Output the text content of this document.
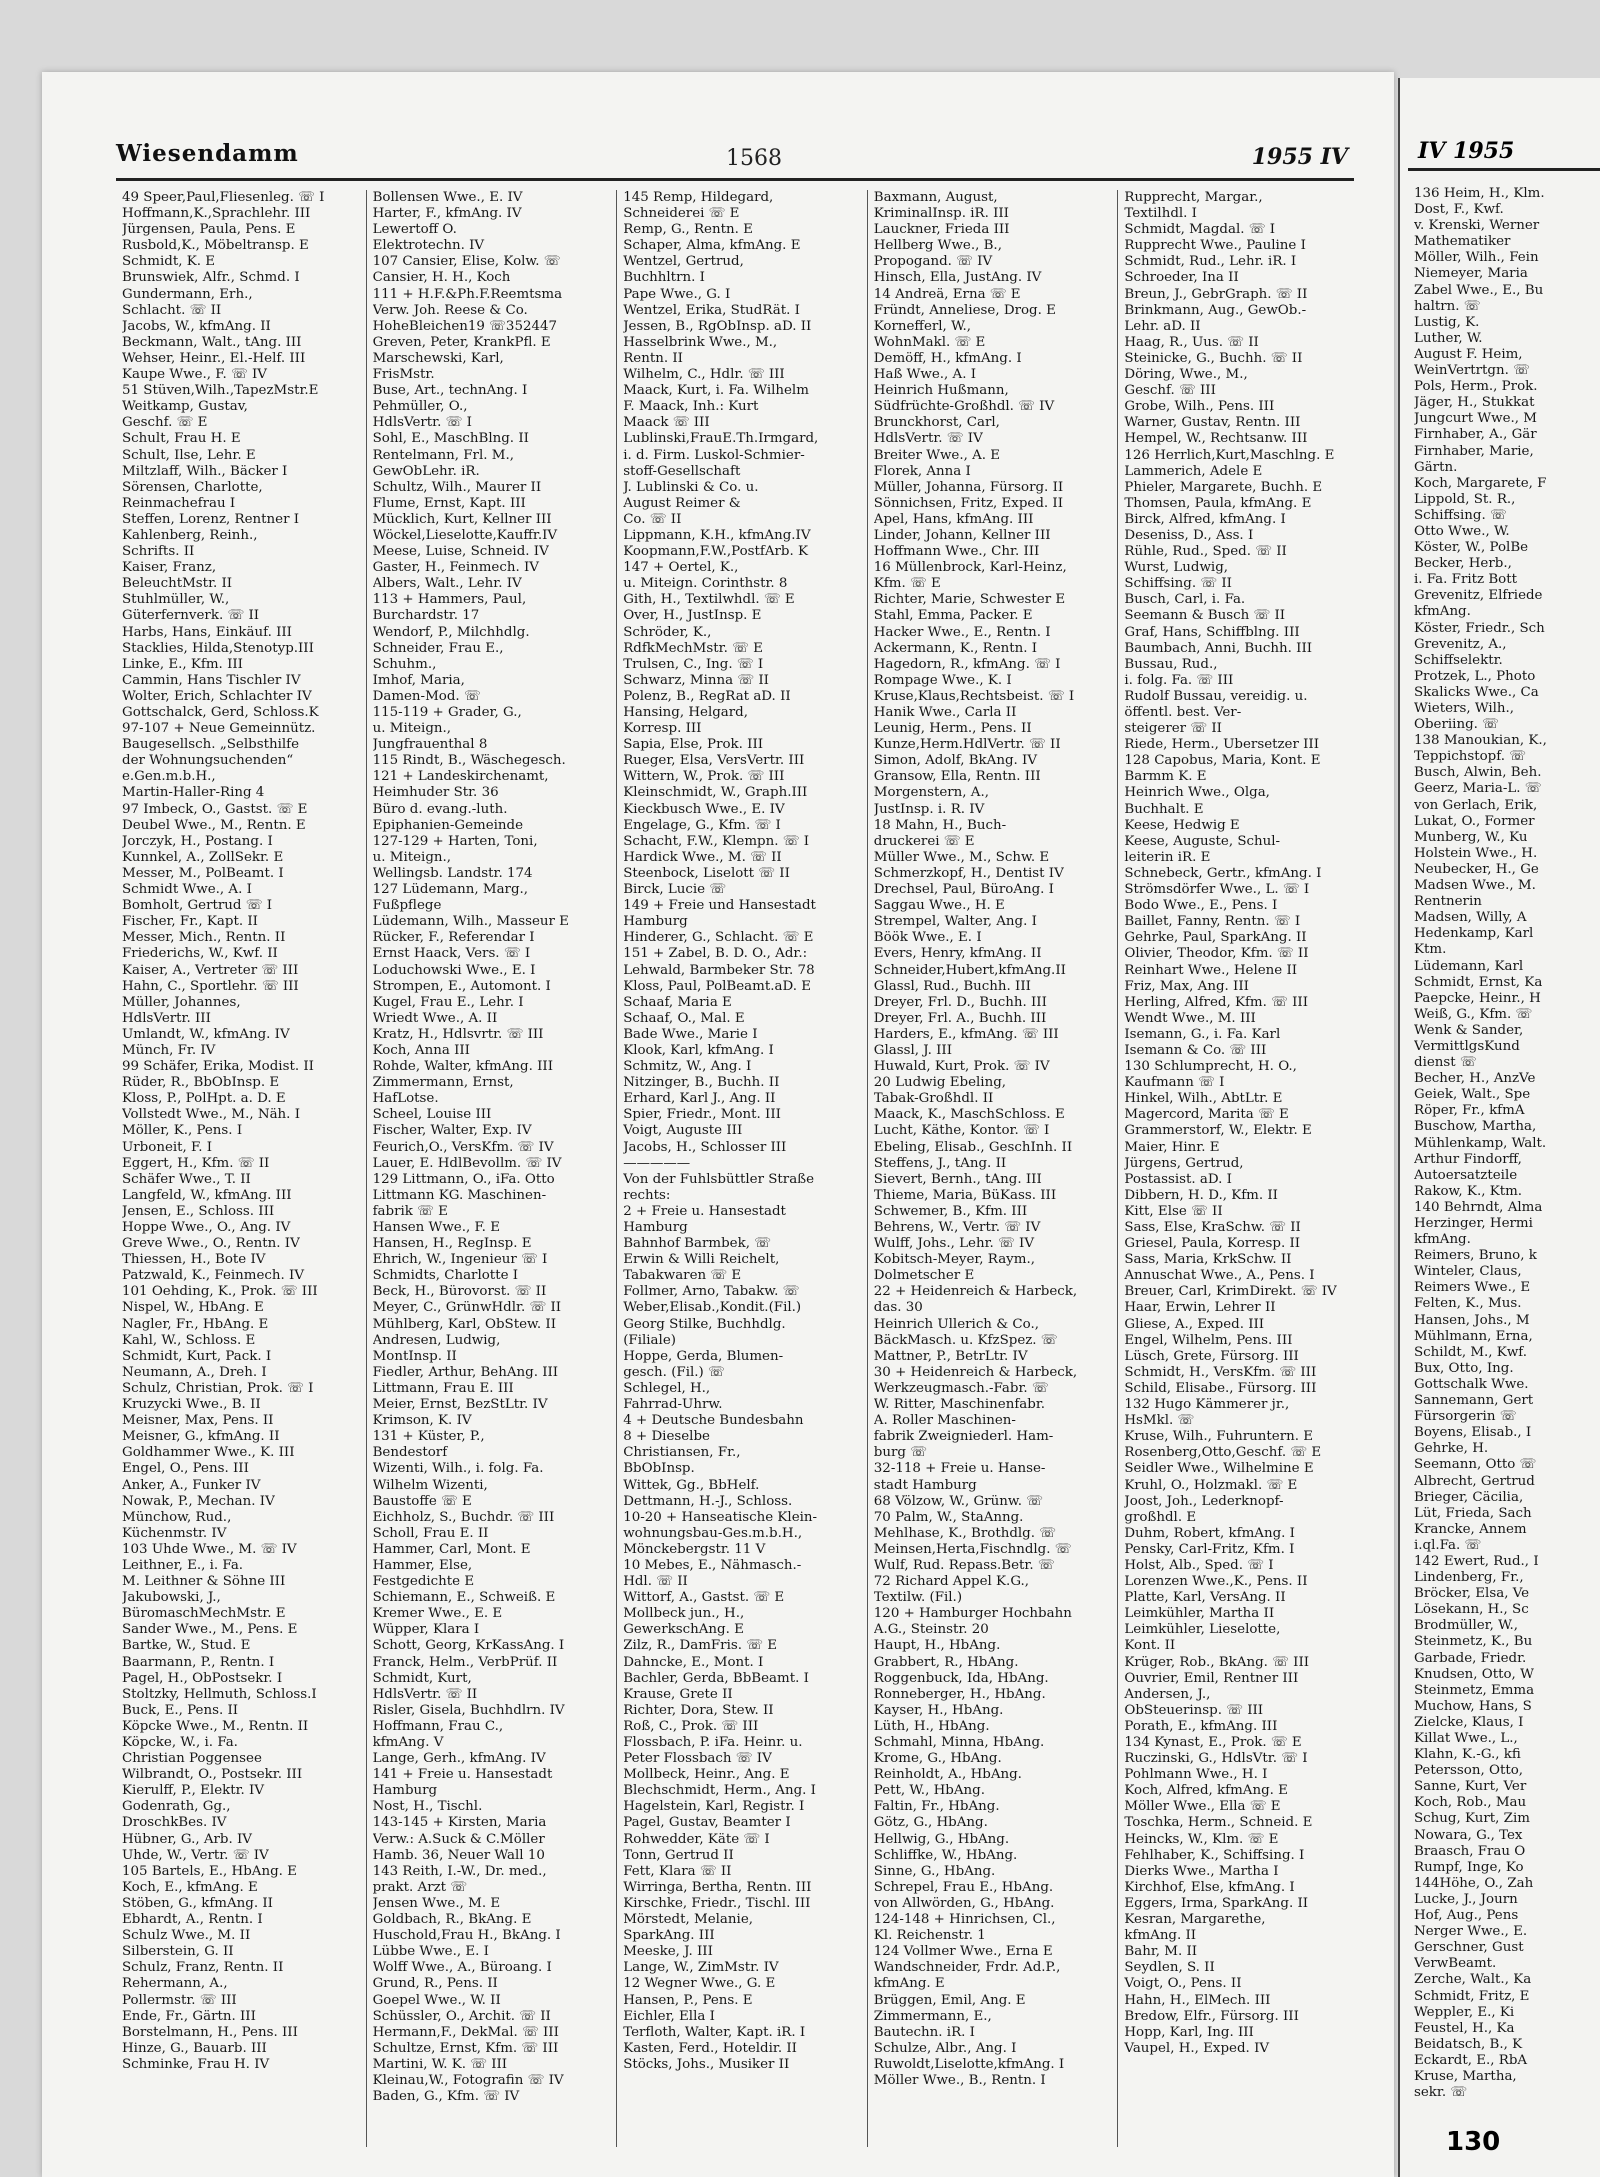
Wiesendamm	1568	1955 IV
49 Speer,Paul,Fliesenleg. ☏ I
Hoffmann,K.,Sprachlehr. III
Jürgensen, Paula, Pens. E
Rusbold,K., Möbeltransp. E
Schmidt, K. E
Brunswiek, Alfr., Schmd. I
Gundermann, Erh.,
Schlacht. ☏ II
Jacobs, W., kfmAng. II
Beckmann, Walt., tAng. III
Wehser, Heinr., El.-Helf. III
Kaupe Wwe., F. ☏ IV
51 Stüven,Wilh.,TapezMstr.E
Weitkamp, Gustav,
Geschf. ☏ E
Schult, Frau H. E
Schult, Ilse, Lehr. E
Miltzlaff, Wilh., Bäcker I
Sörensen, Charlotte,
Reinmachefrau I
Steffen, Lorenz, Rentner I
Kahlenberg, Reinh.,
Schrifts. II
Kaiser, Franz,
BeleuchtMstr. II
Stuhlmüller, W.,
Güterfernverk. ☏ II
Harbs, Hans, Einkäuf. III
Stacklies, Hilda,Stenotyp.III
Linke, E., Kfm. III
Cammin, Hans Tischler IV
Wolter, Erich, Schlachter IV
Gottschalck, Gerd, Schloss.K
97-107 + Neue Gemeinnütz.
Baugesellsch. „Selbsthilfe
der Wohnungsuchenden“
e.Gen.m.b.H.,
Martin-Haller-Ring 4
97 Imbeck, O., Gastst. ☏ E
Deubel Wwe., M., Rentn. E
Jorczyk, H., Postang. I
Kunnkel, A., ZollSekr. E
Messer, M., PolBeamt. I
Schmidt Wwe., A. I
Bomholt, Gertrud ☏ I
Fischer, Fr., Kapt. II
Messer, Mich., Rentn. II
Friederichs, W., Kwf. II
Kaiser, A., Vertreter ☏ III
Hahn, C., Sportlehr. ☏ III
Müller, Johannes,
HdlsVertr. III
Umlandt, W., kfmAng. IV
Münch, Fr. IV
99 Schäfer, Erika, Modist. II
Rüder, R., BbObInsp. E
Kloss, P., PolHpt. a. D. E
Vollstedt Wwe., M., Näh. I
Möller, K., Pens. I
Urboneit, F. I
Eggert, H., Kfm. ☏ II
Schäfer Wwe., T. II
Langfeld, W., kfmAng. III
Jensen, E., Schloss. III
Hoppe Wwe., O., Ang. IV
Greve Wwe., O., Rentn. IV
Thiessen, H., Bote IV
Patzwald, K., Feinmech. IV
101 Oehding, K., Prok. ☏ III
Nispel, W., HbAng. E
Nagler, Fr., HbAng. E
Kahl, W., Schloss. E
Schmidt, Kurt, Pack. I
Neumann, A., Dreh. I
Schulz, Christian, Prok. ☏ I
Kruzycki Wwe., B. II
Meisner, Max, Pens. II
Meisner, G., kfmAng. II
Goldhammer Wwe., K. III
Engel, O., Pens. III
Anker, A., Funker IV
Nowak, P., Mechan. IV
Münchow, Rud.,
Küchenmstr. IV
103 Uhde Wwe., M. ☏ IV
Leithner, E., i. Fa.
M. Leithner & Söhne III
Jakubowski, J.,
BüromaschMechMstr. E
Sander Wwe., M., Pens. E
Bartke, W., Stud. E
Baarmann, P., Rentn. I
Pagel, H., ObPostsekr. I
Stoltzky, Hellmuth, Schloss.I
Buck, E., Pens. II
Köpcke Wwe., M., Rentn. II
Köpcke, W., i. Fa.
Christian Poggensee
Wilbrandt, O., Postsekr. III
Kierulff, P., Elektr. IV
Godenrath, Gg.,
DroschkBes. IV
Hübner, G., Arb. IV
Uhde, W., Vertr. ☏ IV
105 Bartels, E., HbAng. E
Koch, E., kfmAng. E
Stöben, G., kfmAng. II
Ebhardt, A., Rentn. I
Schulz Wwe., M. II
Silberstein, G. II
Schulz, Franz, Rentn. II
Rehermann, A.,
Pollermstr. ☏ III
Ende, Fr., Gärtn. III
Borstelmann, H., Pens. III
Hinze, G., Bauarb. III
Schminke, Frau H. IV
Bollensen Wwe., E. IV
Harter, F., kfmAng. IV
Lewertoff O.
Elektrotechn. IV
107 Cansier, Elise, Kolw. ☏
Cansier, H. H., Koch
111 + H.F.&Ph.F.Reemtsma
Verw. Joh. Reese & Co.
HoheBleichen19 ☏352447
Greven, Peter, KrankPfl. E
Marschewski, Karl,
FrisMstr.
Buse, Art., technAng. I
Pehmüller, O.,
HdlsVertr. ☏ I
Sohl, E., MaschBlng. II
Rentelmann, Frl. M.,
GewObLehr. iR.
Schultz, Wilh., Maurer II
Flume, Ernst, Kapt. III
Mücklich, Kurt, Kellner III
Wöckel,Lieselotte,Kauffr.IV
Meese, Luise, Schneid. IV
Gaster, H., Feinmech. IV
Albers, Walt., Lehr. IV
113 + Hammers, Paul,
Burchardstr. 17
Wendorf, P., Milchhdlg.
Schneider, Frau E.,
Schuhm.,
Imhof, Maria,
Damen-Mod. ☏
115-119 + Grader, G.,
u. Miteign.,
Jungfrauenthal 8
115 Rindt, B., Wäschegesch.
121 + Landeskirchenamt,
Heimhuder Str. 36
Büro d. evang.-luth.
Epiphanien-Gemeinde
127-129 + Harten, Toni,
u. Miteign.,
Wellingsb. Landstr. 174
127 Lüdemann, Marg.,
Fußpflege
Lüdemann, Wilh., Masseur E
Rücker, F., Referendar I
Ernst Haack, Vers. ☏ I
Loduchowski Wwe., E. I
Strompen, E., Automont. I
Kugel, Frau E., Lehr. I
Wriedt Wwe., A. II
Kratz, H., Hdlsvrtr. ☏ III
Koch, Anna III
Rohde, Walter, kfmAng. III
Zimmermann, Ernst,
HafLotse.
Scheel, Louise III
Fischer, Walter, Exp. IV
Feurich,O., VersKfm. ☏ IV
Lauer, E. HdlBevollm. ☏ IV
129 Littmann, O., iFa. Otto
Littmann KG. Maschinen-
fabrik ☏ E
Hansen Wwe., F. E
Hansen, H., RegInsp. E
Ehrich, W., Ingenieur ☏ I
Schmidts, Charlotte I
Beck, H., Bürovorst. ☏ II
Meyer, C., GrünwHdlr. ☏ II
Mühlberg, Karl, ObStew. II
Andresen, Ludwig,
MontInsp. II
Fiedler, Arthur, BehAng. III
Littmann, Frau E. III
Meier, Ernst, BezStLtr. IV
Krimson, K. IV
131 + Küster, P.,
Bendestorf
Wizenti, Wilh., i. folg. Fa.
Wilhelm Wizenti,
Baustoffe ☏ E
Eichholz, S., Buchdr. ☏ III
Scholl, Frau E. II
Hammer, Carl, Mont. E
Hammer, Else,
Festgedichte E
Schiemann, E., Schweiß. E
Kremer Wwe., E. E
Wüpper, Klara I
Schott, Georg, KrKassAng. I
Franck, Helm., VerbPrüf. II
Schmidt, Kurt,
HdlsVertr. ☏ II
Risler, Gisela, Buchhdlrn. IV
Hoffmann, Frau C.,
kfmAng. V
Lange, Gerh., kfmAng. IV
141 + Freie u. Hansestadt
Hamburg
Nost, H., Tischl.
143-145 + Kirsten, Maria
Verw.: A.Suck & C.Möller
Hamb. 36, Neuer Wall 10
143 Reith, I.-W., Dr. med.,
prakt. Arzt ☏
Jensen Wwe., M. E
Goldbach, R., BkAng. E
Huschold,Frau H., BkAng. I
Lübbe Wwe., E. I
Wolff Wwe., A., Büroang. I
Grund, R., Pens. II
Goepel Wwe., W. II
Schüssler, O., Archit. ☏ II
Hermann,F., DekMal. ☏ III
Schultze, Ernst, Kfm. ☏ III
Martini, W. K. ☏ III
Kleinau,W., Fotografin ☏ IV
Baden, G., Kfm. ☏ IV
145 Remp, Hildegard,
Schneiderei ☏ E
Remp, G., Rentn. E
Schaper, Alma, kfmAng. E
Wentzel, Gertrud,
Buchhltrn. I
Pape Wwe., G. I
Wentzel, Erika, StudRät. I
Jessen, B., RgObInsp. aD. II
Hasselbrink Wwe., M.,
Rentn. II
Wilhelm, C., Hdlr. ☏ III
Maack, Kurt, i. Fa. Wilhelm
F. Maack, Inh.: Kurt
Maack ☏ III
Lublinski,FrauE.Th.Irmgard,
i. d. Firm. Luskol-Schmier-
stoff-Gesellschaft
J. Lublinski & Co. u.
August Reimer &
Co. ☏ II
Lippmann, K.H., kfmAng.IV
Koopmann,F.W.,PostfArb. K
147 + Oertel, K.,
u. Miteign. Corinthstr. 8
Gith, H., Textilwhdl. ☏ E
Over, H., JustInsp. E
Schröder, K.,
RdfkMechMstr. ☏ E
Trulsen, C., Ing. ☏ I
Schwarz, Minna ☏ II
Polenz, B., RegRat aD. II
Hansing, Helgard,
Korresp. III
Sapia, Else, Prok. III
Rueger, Elsa, VersVertr. III
Wittern, W., Prok. ☏ III
Kleinschmidt, W., Graph.III
Kieckbusch Wwe., E. IV
Engelage, G., Kfm. ☏ I
Schacht, F.W., Klempn. ☏ I
Hardick Wwe., M. ☏ II
Steenbock, Liselott ☏ II
Birck, Lucie ☏
149 + Freie und Hansestadt
Hamburg
Hinderer, G., Schlacht. ☏ E
151 + Zabel, B. D. O., Adr.:
Lehwald, Barmbeker Str. 78
Kloss, Paul, PolBeamt.aD. E
Schaaf, Maria E
Schaaf, O., Mal. E
Bade Wwe., Marie I
Klook, Karl, kfmAng. I
Schmitz, W., Ang. I
Nitzinger, B., Buchh. II
Erhard, Karl J., Ang. II
Spier, Friedr., Mont. III
Voigt, Auguste III
Jacobs, H., Schlosser III
—————
Von der Fuhlsbüttler Straße
rechts:
2 + Freie u. Hansestadt
Hamburg
Bahnhof Barmbek, ☏
Erwin & Willi Reichelt,
Tabakwaren ☏ E
Follmer, Arno, Tabakw. ☏
Weber,Elisab.,Kondit.(Fil.)
Georg Stilke, Buchhdlg.
(Filiale)
Hoppe, Gerda, Blumen-
gesch. (Fil.) ☏
Schlegel, H.,
Fahrrad-Uhrw.
4 + Deutsche Bundesbahn
8 + Dieselbe
Christiansen, Fr.,
BbObInsp.
Wittek, Gg., BbHelf.
Dettmann, H.-J., Schloss.
10-20 + Hanseatische Klein-
wohnungsbau-Ges.m.b.H.,
Mönckebergstr. 11 V
10 Mebes, E., Nähmasch.-
Hdl. ☏ II
Wittorf, A., Gastst. ☏ E
Mollbeck jun., H.,
GewerkschAng. E
Zilz, R., DamFris. ☏ E
Dahncke, E., Mont. I
Bachler, Gerda, BbBeamt. I
Krause, Grete II
Richter, Dora, Stew. II
Roß, C., Prok. ☏ III
Flossbach, P. iFa. Heinr. u.
Peter Flossbach ☏ IV
Mollbeck, Heinr., Ang. E
Blechschmidt, Herm., Ang. I
Hagelstein, Karl, Registr. I
Pagel, Gustav, Beamter I
Rohwedder, Käte ☏ I
Tonn, Gertrud II
Fett, Klara ☏ II
Wirringa, Bertha, Rentn. III
Kirschke, Friedr., Tischl. III
Mörstedt, Melanie,
SparkAng. III
Meeske, J. III
Lange, W., ZimMstr. IV
12 Wegner Wwe., G. E
Hansen, P., Pens. E
Eichler, Ella I
Terfloth, Walter, Kapt. iR. I
Kasten, Ferd., Hoteldir. II
Stöcks, Johs., Musiker II
Baxmann, August,
KriminalInsp. iR. III
Lauckner, Frieda III
Hellberg Wwe., B.,
Propogand. ☏ IV
Hinsch, Ella, JustAng. IV
14 Andreä, Erna ☏ E
Fründt, Anneliese, Drog. E
Kornefferl, W.,
WohnMakl. ☏ E
Demöff, H., kfmAng. I
Haß Wwe., A. I
Heinrich Hußmann,
Südfrüchte-Großhdl. ☏ IV
Brunckhorst, Carl,
HdlsVertr. ☏ IV
Breiter Wwe., A. E
Florek, Anna I
Müller, Johanna, Fürsorg. II
Sönnichsen, Fritz, Exped. II
Apel, Hans, kfmAng. III
Linder, Johann, Kellner III
Hoffmann Wwe., Chr. III
16 Müllenbrock, Karl-Heinz,
Kfm. ☏ E
Richter, Marie, Schwester E
Stahl, Emma, Packer. E
Hacker Wwe., E., Rentn. I
Ackermann, K., Rentn. I
Hagedorn, R., kfmAng. ☏ I
Rompage Wwe., K. I
Kruse,Klaus,Rechtsbeist. ☏ I
Hanik Wwe., Carla II
Leunig, Herm., Pens. II
Kunze,Herm.HdlVertr. ☏ II
Simon, Adolf, BkAng. IV
Gransow, Ella, Rentn. III
Morgenstern, A.,
JustInsp. i. R. IV
18 Mahn, H., Buch-
druckerei ☏ E
Müller Wwe., M., Schw. E
Schmerzkopf, H., Dentist IV
Drechsel, Paul, BüroAng. I
Saggau Wwe., H. E
Strempel, Walter, Ang. I
Böök Wwe., E. I
Evers, Henry, kfmAng. II
Schneider,Hubert,kfmAng.II
Glassl, Rud., Buchh. III
Dreyer, Frl. D., Buchh. III
Dreyer, Frl. A., Buchh. III
Harders, E., kfmAng. ☏ III
Glassl, J. III
Huwald, Kurt, Prok. ☏ IV
20 Ludwig Ebeling,
Tabak-Großhdl. II
Maack, K., MaschSchloss. E
Lucht, Käthe, Kontor. ☏ I
Ebeling, Elisab., GeschInh. II
Steffens, J., tAng. II
Sievert, Bernh., tAng. III
Thieme, Maria, BüKass. III
Schwemer, B., Kfm. III
Behrens, W., Vertr. ☏ IV
Wulff, Johs., Lehr. ☏ IV
Kobitsch-Meyer, Raym.,
Dolmetscher E
22 + Heidenreich & Harbeck,
das. 30
Heinrich Ullerich & Co.,
BäckMasch. u. KfzSpez. ☏
Mattner, P., BetrLtr. IV
30 + Heidenreich & Harbeck,
Werkzeugmasch.-Fabr. ☏
W. Ritter, Maschinenfabr.
A. Roller Maschinen-
fabrik Zweigniederl. Ham-
burg ☏
32-118 + Freie u. Hanse-
stadt Hamburg
68 Völzow, W., Grünw. ☏
70 Palm, W., StaAnng.
Mehlhase, K., Brothdlg. ☏
Meinsen,Herta,Fischndlg. ☏
Wulf, Rud. Repass.Betr. ☏
72 Richard Appel K.G.,
Textilw. (Fil.)
120 + Hamburger Hochbahn
A.G., Steinstr. 20
Haupt, H., HbAng.
Grabbert, R., HbAng.
Roggenbuck, Ida, HbAng.
Ronneberger, H., HbAng.
Kayser, H., HbAng.
Lüth, H., HbAng.
Schmahl, Minna, HbAng.
Krome, G., HbAng.
Reinholdt, A., HbAng.
Pett, W., HbAng.
Faltin, Fr., HbAng.
Götz, G., HbAng.
Hellwig, G., HbAng.
Schliffke, W., HbAng.
Sinne, G., HbAng.
Schrepel, Frau E., HbAng.
von Allwörden, G., HbAng.
124-148 + Hinrichsen, Cl.,
Kl. Reichenstr. 1
124 Vollmer Wwe., Erna E
Wandschneider, Frdr. Ad.P.,
kfmAng. E
Brüggen, Emil, Ang. E
Zimmermann, E.,
Bautechn. iR. I
Schulze, Albr., Ang. I
Ruwoldt,Liselotte,kfmAng. I
Möller Wwe., B., Rentn. I
Rupprecht, Margar.,
Textilhdl. I
Schmidt, Magdal. ☏ I
Rupprecht Wwe., Pauline I
Schmidt, Rud., Lehr. iR. I
Schroeder, Ina II
Breun, J., GebrGraph. ☏ II
Brinkmann, Aug., GewOb.-
Lehr. aD. II
Haag, R., Uus. ☏ II
Steinicke, G., Buchh. ☏ II
Döring, Wwe., M.,
Geschf. ☏ III
Grobe, Wilh., Pens. III
Warner, Gustav, Rentn. III
Hempel, W., Rechtsanw. III
126 Herrlich,Kurt,Maschlng. E
Lammerich, Adele E
Phieler, Margarete, Buchh. E
Thomsen, Paula, kfmAng. E
Birck, Alfred, kfmAng. I
Deseniss, D., Ass. I
Rühle, Rud., Sped. ☏ II
Wurst, Ludwig,
Schiffsing. ☏ II
Busch, Carl, i. Fa.
Seemann & Busch ☏ II
Graf, Hans, Schiffblng. III
Baumbach, Anni, Buchh. III
Bussau, Rud.,
i. folg. Fa. ☏ III
Rudolf Bussau, vereidig. u.
öffentl. best. Ver-
steigerer ☏ II
Riede, Herm., Übersetzer III
128 Capobus, Maria, Kont. E
Barmm K. E
Heinrich Wwe., Olga,
Buchhalt. E
Keese, Hedwig E
Keese, Auguste, Schul-
leiterin iR. E
Schnebeck, Gertr., kfmAng. I
Strömsdörfer Wwe., L. ☏ I
Bodo Wwe., E., Pens. I
Baillet, Fanny, Rentn. ☏ I
Gehrke, Paul, SparkAng. II
Olivier, Theodor, Kfm. ☏ II
Reinhart Wwe., Helene II
Friz, Max, Ang. III
Herling, Alfred, Kfm. ☏ III
Wendt Wwe., M. III
Isemann, G., i. Fa. Karl
Isemann & Co. ☏ III
130 Schlumprecht, H. O.,
Kaufmann ☏ I
Hinkel, Wilh., AbtLtr. E
Magercord, Marita ☏ E
Grammerstorf, W., Elektr. E
Maier, Hinr. E
Jürgens, Gertrud,
Postassist. aD. I
Dibbern, H. D., Kfm. II
Kitt, Else ☏ II
Sass, Else, KraSchw. ☏ II
Griesel, Paula, Korresp. II
Sass, Maria, KrkSchw. II
Annuschat Wwe., A., Pens. I
Breuer, Carl, KrimDirekt. ☏ IV
Haar, Erwin, Lehrer II
Gliese, A., Exped. III
Engel, Wilhelm, Pens. III
Lüsch, Grete, Fürsorg. III
Schmidt, H., VersKfm. ☏ III
Schild, Elisabe., Fürsorg. III
132 Hugo Kämmerer jr.,
HsMkl. ☏
Kruse, Wilh., Fuhruntern. E
Rosenberg,Otto,Geschf. ☏ E
Seidler Wwe., Wilhelmine E
Kruhl, O., Holzmakl. ☏ E
Joost, Joh., Lederknopf-
großhdl. E
Duhm, Robert, kfmAng. I
Pensky, Carl-Fritz, Kfm. I
Holst, Alb., Sped. ☏ I
Lorenzen Wwe.,K., Pens. II
Platte, Karl, VersAng. II
Leimkühler, Martha II
Leimkühler, Lieselotte,
Kont. II
Krüger, Rob., BkAng. ☏ III
Ouvrier, Emil, Rentner III
Andersen, J.,
ObSteuerinsp. ☏ III
Porath, E., kfmAng. III
134 Kynast, E., Prok. ☏ E
Ruczinski, G., HdlsVtr. ☏ I
Pohlmann Wwe., H. I
Koch, Alfred, kfmAng. E
Möller Wwe., Ella ☏ E
Toschka, Herm., Schneid. E
Heincks, W., Klm. ☏ E
Fehlhaber, K., Schiffsing. I
Dierks Wwe., Martha I
Kirchhof, Else, kfmAng. I
Eggers, Irma, SparkAng. II
Kesran, Margarethe,
kfmAng. II
Bahr, M. II
Seydlen, S. II
Voigt, O., Pens. II
Hahn, H., ElMech. III
Bredow, Elfr., Fürsorg. III
Hopp, Karl, Ing. III
Vaupel, H., Exped. IV
IV 1955
136 Heim, H., Klm.
Dost, F., Kwf.
v. Krenski, Werner
Mathematiker
Möller, Wilh., Fein
Niemeyer, Maria
Zabel Wwe., E., Bu
haltrn. ☏
Lustig, K.
Luther, W.
August F. Heim,
WeinVertrtgn. ☏
Pols, Herm., Prok.
Jäger, H., Stukkat
Jungcurt Wwe., M
Firnhaber, A., Gär
Firnhaber, Marie,
Gärtn.
Koch, Margarete, F
Lippold, St. R.,
Schiffsing. ☏
Otto Wwe., W.
Köster, W., PolBe
Becker, Herb.,
i. Fa. Fritz Bott
Grevenitz, Elfriede
kfmAng.
Köster, Friedr., Sch
Grevenitz, A.,
Schiffselektr.
Protzek, L., Photo
Skalicks Wwe., Ca
Wieters, Wilh.,
Oberiing. ☏
138 Manoukian, K.,
Teppichstopf. ☏
Busch, Alwin, Beh.
Geerz, Maria-L. ☏
von Gerlach, Erik,
Lukat, O., Former
Munberg, W., Ku
Holstein Wwe., H.
Neubecker, H., Ge
Madsen Wwe., M.
Rentnerin
Madsen, Willy, A
Hedenkamp, Karl
Ktm.
Lüdemann, Karl
Schmidt, Ernst, Ka
Paepcke, Heinr., H
Weiß, G., Kfm. ☏
Wenk & Sander,
VermittlgsKund
dienst ☏
Becher, H., AnzVe
Geiek, Walt., Spe
Röper, Fr., kfmA
Buschow, Martha,
Mühlenkamp, Walt.
Arthur Findorff,
Autoersatzteile
Rakow, K., Ktm.
140 Behrndt, Alma
Herzinger, Hermi
kfmAng.
Reimers, Bruno, k
Winteler, Claus,
Reimers Wwe., E
Felten, K., Mus.
Hansen, Johs., M
Mühlmann, Erna,
Schildt, M., Kwf.
Bux, Otto, Ing.
Gottschalk Wwe.
Sannemann, Gert
Fürsorgerin ☏
Boyens, Elisab., I
Gehrke, H.
Seemann, Otto ☏
Albrecht, Gertrud
Brieger, Cäcilia,
Lüt, Frieda, Sach
Krancke, Annem
i.ql.Fa. ☏
142 Ewert, Rud., I
Lindenberg, Fr.,
Bröcker, Elsa, Ve
Lösekann, H., Sc
Brodmüller, W.,
Steinmetz, K., Bu
Garbade, Friedr.
Knudsen, Otto, W
Steinmetz, Emma
Muchow, Hans, S
Zielcke, Klaus, I
Killat Wwe., L.,
Klahn, K.-G., kfi
Petersson, Otto,
Sanne, Kurt, Ver
Koch, Rob., Mau
Schug, Kurt, Zim
Nowara, G., Tex
Braasch, Frau O
Rumpf, Inge, Ko
144Höhe, O., Zah
Lucke, J., Journ
Hof, Aug., Pens
Nerger Wwe., E.
Gerschner, Gust
VerwBeamt.
Zerche, Walt., Ka
Schmidt, Fritz, E
Weppler, E., Ki
Feustel, H., Ka
Beidatsch, B., K
Eckardt, E., RbA
Kruse, Martha,
sekr. ☏
130
